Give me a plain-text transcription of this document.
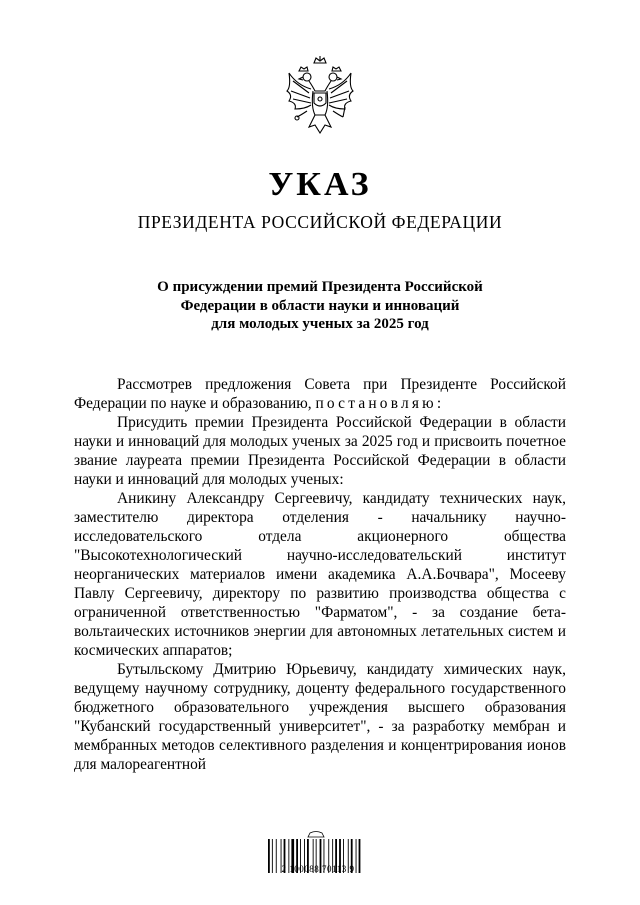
УКАЗ
ПРЕЗИДЕНТА РОССИЙСКОЙ ФЕДЕРАЦИИ
О присуждении премий Президента Российской
Федерации в области науки и инноваций
для молодых ученых за 2025 год

Рассмотрев предложения Совета при Президенте Российской Федерации по науке и образованию, постановляю:

Присудить премии Президента Российской Федерации в области науки и инноваций для молодых ученых за 2025 год и присвоить почетное звание лауреата премии Президента Российской Федерации в области науки и инноваций для молодых ученых:

Аникину Александру Сергеевичу, кандидату технических наук, заместителю директора отделения - начальнику научно-исследовательского отдела акционерного общества "Высокотехнологический научно-исследовательский институт неорганических материалов имени академика А.А.Бочвара", Мосееву Павлу Сергеевичу, директору по развитию производства общества с ограниченной ответственностью "Фарматом", - за создание бета-вольтаических источников энергии для автономных летательных систем и космических аппаратов;

Бутыльскому Дмитрию Юрьевичу, кандидату химических наук, ведущему научному сотруднику, доценту федерального государственного бюджетного образовательного учреждения высшего образования "Кубанский государственный университет", - за разработку мембран и мембранных методов селективного разделения и концентрирования ионов для малореагентной

2 100088 70113 9
